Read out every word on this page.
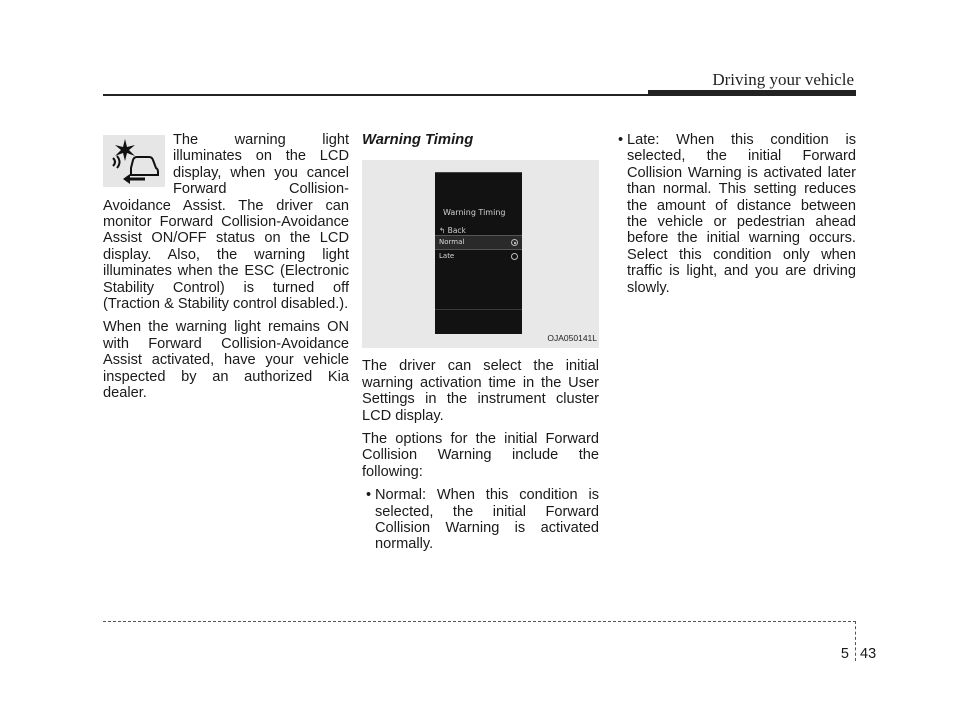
Driving your vehicle

The warning light illuminates on the LCD display, when you cancel Forward Collision-Avoidance Assist. The driver can monitor Forward Collision-Avoidance Assist ON/OFF status on the LCD display. Also, the warning light illuminates when the ESC (Electronic Stability Control) is turned off (Traction & Stability control disabled.).

When the warning light remains ON with Forward Collision-Avoidance Assist activated, have your vehicle inspected by an authorized Kia dealer.

Warning Timing
Warning Timing
↰ Back
Normal
Late
OJA050141L

The driver can select the initial warning activation time in the User Settings in the instrument cluster LCD display.

The options for the initial Forward Collision Warning include the following:

• Normal: When this condition is selected, the initial Forward Collision Warning is activated normally.
• Late: When this condition is selected, the initial Forward Collision Warning is activated later than normal. This setting reduces the amount of distance between the vehicle or pedestrian ahead before the initial warning occurs. Select this condition only when traffic is light, and you are driving slowly.
5 43
